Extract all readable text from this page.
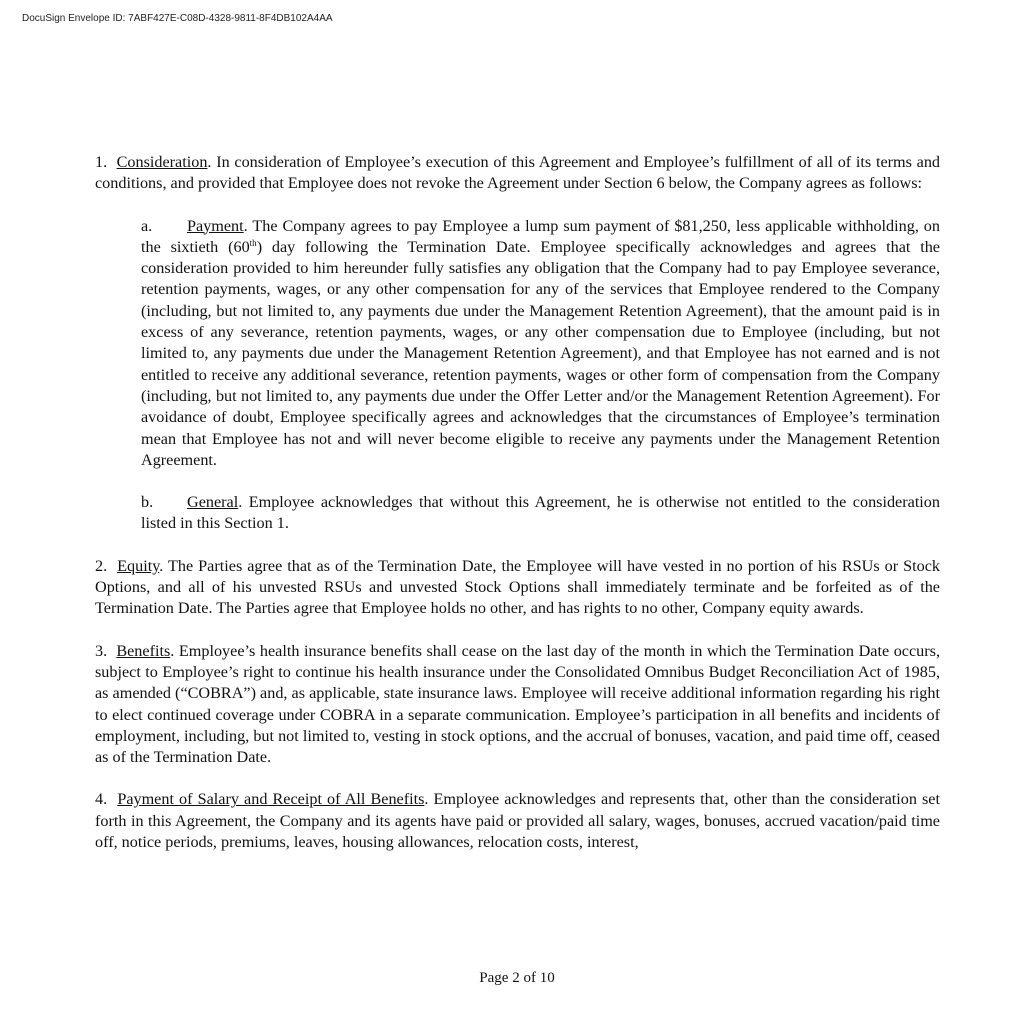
DocuSign Envelope ID: 7ABF427E-C08D-4328-9811-8F4DB102A4AA

1. Consideration. In consideration of Employee’s execution of this Agreement and Employee’s fulfillment of all of its terms and conditions, and provided that Employee does not revoke the Agreement under Section 6 below, the Company agrees as follows:

a. Payment. The Company agrees to pay Employee a lump sum payment of $81,250, less applicable withholding, on the sixtieth (60th) day following the Termination Date. Employee specifically acknowledges and agrees that the consideration provided to him hereunder fully satisfies any obligation that the Company had to pay Employee severance, retention payments, wages, or any other compensation for any of the services that Employee rendered to the Company (including, but not limited to, any payments due under the Management Retention Agreement), that the amount paid is in excess of any severance, retention payments, wages, or any other compensation due to Employee (including, but not limited to, any payments due under the Management Retention Agreement), and that Employee has not earned and is not entitled to receive any additional severance, retention payments, wages or other form of compensation from the Company (including, but not limited to, any payments due under the Offer Letter and/or the Management Retention Agreement). For avoidance of doubt, Employee specifically agrees and acknowledges that the circumstances of Employee’s termination mean that Employee has not and will never become eligible to receive any payments under the Management Retention Agreement.

b. General. Employee acknowledges that without this Agreement, he is otherwise not entitled to the consideration listed in this Section 1.

2. Equity. The Parties agree that as of the Termination Date, the Employee will have vested in no portion of his RSUs or Stock Options, and all of his unvested RSUs and unvested Stock Options shall immediately terminate and be forfeited as of the Termination Date. The Parties agree that Employee holds no other, and has rights to no other, Company equity awards.

3. Benefits. Employee’s health insurance benefits shall cease on the last day of the month in which the Termination Date occurs, subject to Employee’s right to continue his health insurance under the Consolidated Omnibus Budget Reconciliation Act of 1985, as amended (“COBRA”) and, as applicable, state insurance laws. Employee will receive additional information regarding his right to elect continued coverage under COBRA in a separate communication. Employee’s participation in all benefits and incidents of employment, including, but not limited to, vesting in stock options, and the accrual of bonuses, vacation, and paid time off, ceased as of the Termination Date.

4. Payment of Salary and Receipt of All Benefits. Employee acknowledges and represents that, other than the consideration set forth in this Agreement, the Company and its agents have paid or provided all salary, wages, bonuses, accrued vacation/paid time off, notice periods, premiums, leaves, housing allowances, relocation costs, interest,

Page 2 of 10
